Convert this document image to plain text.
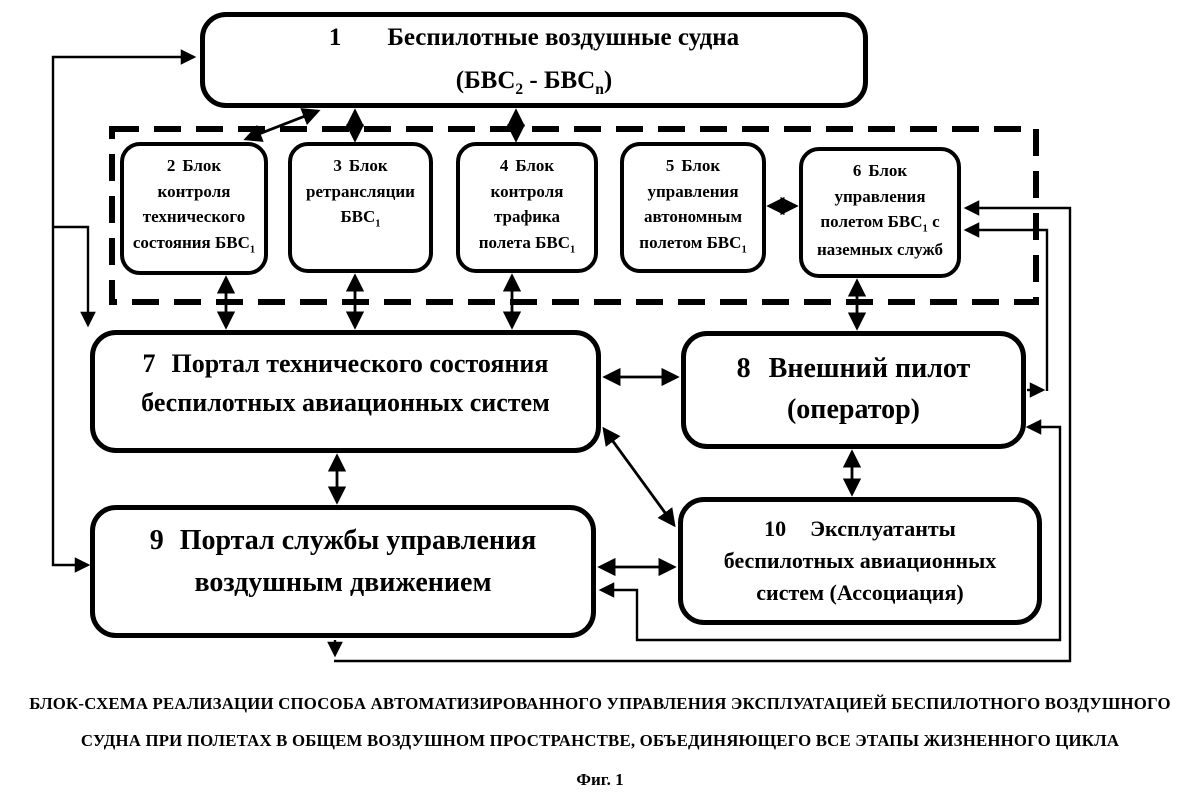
1 Беспилотные воздушные судна
$(БВС_2 - БВС_n)$
2 Блок контроля технического состояния $БВС_1$
3 Блок ретрансляции $БВС_1$
4 Блок контроля трафика полета $БВС_1$
5 Блок управления автономным полетом $БВС_1$
6 Блок управления полетом $БВС_1$ с наземных служб
7 Портал технического состояния
беспилотных авиационных систем
8 Внешний пилот
(оператор)
9 Портал службы управления
воздушным движением
10 Эксплуатанты
беспилотных авиационных
систем (Ассоциация)
БЛОК-СХЕМА РЕАЛИЗАЦИИ СПОСОБА АВТОМАТИЗИРОВАННОГО УПРАВЛЕНИЯ ЭКСПЛУАТАЦИЕЙ БЕСПИЛОТНОГО ВОЗДУШНОГО
СУДНА ПРИ ПОЛЕТАХ В ОБЩЕМ ВОЗДУШНОМ ПРОСТРАНСТВЕ, ОБЪЕДИНЯЮЩЕГО ВСЕ ЭТАПЫ ЖИЗНЕННОГО ЦИКЛА
Фиг. 1
